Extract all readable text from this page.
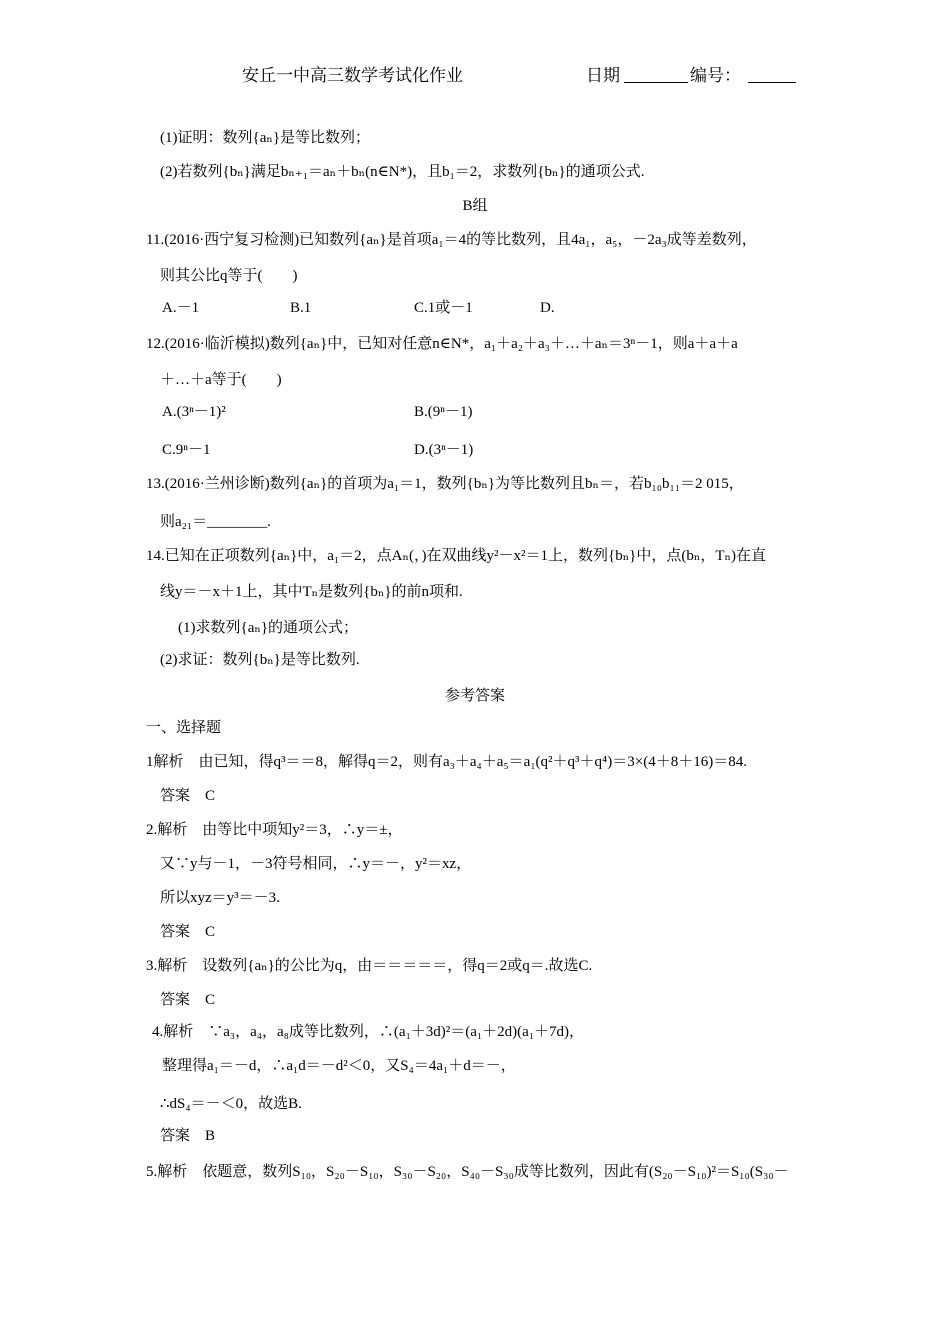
安丘一中高三数学考试化作业	日期	编号：
(1)证明：数列{aₙ}是等比数列；
(2)若数列{bₙ}满足bₙ₊₁＝aₙ＋bₙ(n∈N*)，且b₁＝2，求数列{bₙ}的通项公式.
B组
11.(2016·西宁复习检测)已知数列{aₙ}是首项a₁＝4的等比数列，且4a₁，a₅，－2a₃成等差数列，
则其公比q等于(　　)
A.－1	B.1	C.1或－1	D.
12.(2016·临沂模拟)数列{aₙ}中，已知对任意n∈N*，a₁＋a₂＋a₃＋…＋aₙ＝3ⁿ－1，则a＋a＋a
＋…＋a等于(　　)
A.(3ⁿ－1)²	B.(9ⁿ－1)
C.9ⁿ－1	D.(3ⁿ－1)
13.(2016·兰州诊断)数列{aₙ}的首项为a₁＝1，数列{bₙ}为等比数列且bₙ＝，若b₁₀b₁₁＝2 015，
则a₂₁＝________.
14.已知在正项数列{aₙ}中，a₁＝2，点Aₙ(，)在双曲线y²－x²＝1上，数列{bₙ}中，点(bₙ，Tₙ)在直
线y＝－x＋1上，其中Tₙ是数列{bₙ}的前n项和.
(1)求数列{aₙ}的通项公式；
(2)求证：数列{bₙ}是等比数列.
参考答案
一、选择题
1解析　由已知，得q³＝＝8，解得q＝2，则有a₃＋a₄＋a₅＝a₁(q²＋q³＋q⁴)＝3×(4＋8＋16)＝84.
答案　C
2.解析　由等比中项知y²＝3，∴y＝±，
又∵y与－1，－3符号相同，∴y＝－，y²＝xz，
所以xyz＝y³＝－3.
答案　C
3.解析　设数列{aₙ}的公比为q，由＝＝＝＝＝，得q＝2或q＝.故选C.
答案　C
4.解析　∵a₃，a₄，a₈成等比数列，∴(a₁＋3d)²＝(a₁＋2d)(a₁＋7d)，
整理得a₁＝－d，∴a₁d＝－d²＜0，又S₄＝4a₁＋d＝－，
∴dS₄＝－＜0，故选B.
答案　B
5.解析　依题意，数列S₁₀，S₂₀－S₁₀，S₃₀－S₂₀，S₄₀－S₃₀成等比数列，因此有(S₂₀－S₁₀)²＝S₁₀(S₃₀－
